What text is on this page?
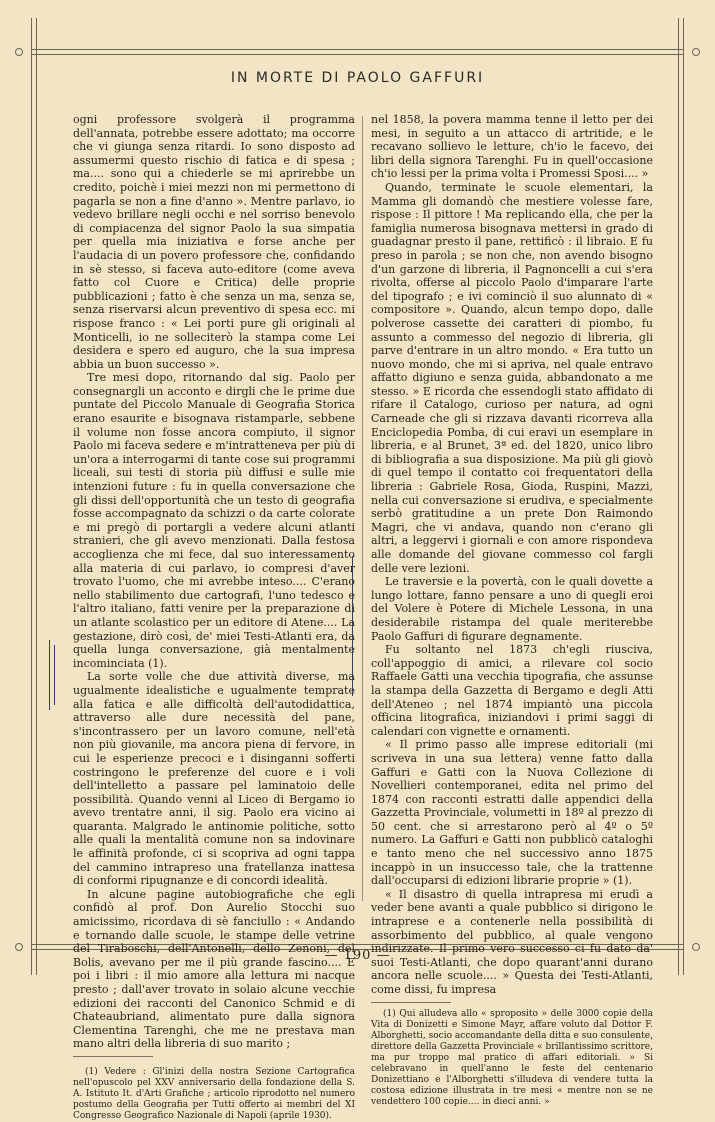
IN MORTE DI PAOLO GAFFURI

ogni professore svolgerà il programma dell'annata, potrebbe essere adottato; ma occorre che vi giunga senza ritardi. Io sono disposto ad assumermi questo rischio di fatica e di spesa ; ma.... sono qui a chiederle se mi aprirebbe un credito, poichè i miei mezzi non mi permettono di pagarla se non a fine d'anno ». Mentre parlavo, io vedevo brillare negli occhi e nel sorriso benevolo di compiacenza del signor Paolo la sua simpatia per quella mia iniziativa e forse anche per l'audacia di un povero professore che, confidando in sè stesso, si faceva auto-editore (come aveva fatto col Cuore e Critica) delle proprie pubblicazioni ; fatto è che senza un ma, senza se, senza riservarsi alcun preventivo di spesa ecc. mi rispose franco : « Lei porti pure gli originali al Monticelli, io ne solleciterò la stampa come Lei desidera e spero ed auguro, che la sua impresa abbia un buon successo ».

Tre mesi dopo, ritornando dal sig. Paolo per consegnargli un acconto e dirgli che le prime due puntate del Piccolo Manuale di Geografia Storica erano esaurite e bisognava ristamparle, sebbene il volume non fosse ancora compiuto, il signor Paolo mi faceva sedere e m'intratteneva per più di un'ora a interrogarmi di tante cose sui programmi liceali, sui testi di storia più diffusi e sulle mie intenzioni future : fu in quella conversazione che gli dissi dell'opportunità che un testo di geografia fosse accompagnato da schizzi o da carte colorate e mi pregò di portargli a vedere alcuni atlanti stranieri, che gli avevo menzionati. Dalla festosa accoglienza che mi fece, dal suo interessamento alla materia di cui parlavo, io compresi d'aver trovato l'uomo, che mi avrebbe inteso.... C'erano nello stabilimento due cartografi, l'uno tedesco e l'altro italiano, fatti venire per la preparazione di un atlante scolastico per un editore di Atene.... La gestazione, dirò così, de' miei Testi-Atlanti era, da quella lunga conversazione, già mentalmente incominciata (1).

La sorte volle che due attività diverse, ma ugualmente idealistiche e ugualmente temprate alla fatica e alle difficoltà dell'autodidattica, attraverso alle dure necessità del pane, s'incontrassero per un lavoro comune, nell'età non più giovanile, ma ancora piena di fervore, in cui le esperienze precoci e i disinganni sofferti costringono le preferenze del cuore e i voli dell'intelletto a passare pel laminatoio delle possibilità. Quando venni al Liceo di Bergamo io avevo trentatre anni, il sig. Paolo era vicino ai quaranta. Malgrado le antinomie politiche, sotto alle quali la mentalità comune non sa indovinare le affinità profonde, ci si scopriva ad ogni tappa del cammino intrapreso una fratellanza inattesa di conformi ripugnanze e di concordi idealità.

In alcune pagine autobiografiche che egli confidò al prof. Don Aurelio Stocchi suo amicissimo, ricordava di sè fanciullo : « Andando e tornando dalle scuole, le stampe delle vetrine del Tiraboschi, dell'Antonelli, dello Zenoni, del Bolis, avevano per me il più grande fascino.... E poi i libri : il mio amore alla lettura mi nacque presto ; dall'aver trovato in solaio alcune vecchie edizioni dei racconti del Canonico Schmid e di Chateaubriand, alimentato pure dalla signora Clementina Tarenghi, che me ne prestava man mano altri della libreria di suo marito ;

(1) Vedere : Gl'inizi della nostra Sezione Cartografica nell'opuscolo pel XXV anniversario della fondazione della S. A. Istituto It. d'Arti Grafiche ; articolo riprodotto nel numero postumo della Geografia per Tutti offerto ai membri del XI Congresso Geografico Nazionale di Napoli (aprile 1930).

nel 1858, la povera mamma tenne il letto per dei mesi, in seguito a un attacco di artritide, e le recavano sollievo le letture, ch'io le facevo, dei libri della signora Tarenghi. Fu in quell'occasione ch'io lessi per la prima volta i Promessi Sposi.... »

Quando, terminate le scuole elementari, la Mamma gli domandò che mestiere volesse fare, rispose : Il pittore ! Ma replicando ella, che per la famiglia numerosa bisognava mettersi in grado di guadagnar presto il pane, rettificò : il libraio. E fu preso in parola ; se non che, non avendo bisogno d'un garzone di libreria, il Pagnoncelli a cui s'era rivolta, offerse al piccolo Paolo d'imparare l'arte del tipografo ; e ivi cominciò il suo alunnato di « compositore ». Quando, alcun tempo dopo, dalle polverose cassette dei caratteri di piombo, fu assunto a commesso del negozio di libreria, gli parve d'entrare in un altro mondo. « Era tutto un nuovo mondo, che mi si apriva, nel quale entravo affatto digiuno e senza guida, abbandonato a me stesso. » E ricorda che essendogli stato affidato di rifare il Catalogo, curioso per natura, ad ogni Carneade che gli si rizzava davanti ricorreva alla Enciclopedia Pomba, di cui eravi un esemplare in libreria, e al Brunet, 3ª ed. del 1820, unico libro di bibliografia a sua disposizione. Ma più gli giovò di quel tempo il contatto coi frequentatori della libreria : Gabriele Rosa, Gioda, Ruspini, Mazzi, nella cui conversazione si erudiva, e specialmente serbò gratitudine a un prete Don Raimondo Magri, che vi andava, quando non c'erano gli altri, a leggervi i giornali e con amore rispondeva alle domande del giovane commesso col fargli delle vere lezioni.

Le traversie e la povertà, con le quali dovette a lungo lottare, fanno pensare a uno di quegli eroi del Volere è Potere di Michele Lessona, in una desiderabile ristampa del quale meriterebbe Paolo Gaffuri di figurare degnamente.

Fu soltanto nel 1873 ch'egli riusciva, coll'appoggio di amici, a rilevare col socio Raffaele Gatti una vecchia tipografia, che assunse la stampa della Gazzetta di Bergamo e degli Atti dell'Ateneo ; nel 1874 impiantò una piccola officina litografica, iniziandovi i primi saggi di calendari con vignette e ornamenti.

« Il primo passo alle imprese editoriali (mi scriveva in una sua lettera) venne fatto dalla Gaffuri e Gatti con la Nuova Collezione di Novellieri contemporanei, edita nel primo del 1874 con racconti estratti dalle appendici della Gazzetta Provinciale, volumetti in 18º al prezzo di 50 cent. che si arrestarono però al 4º o 5º numero. La Gaffuri e Gatti non pubblicò cataloghi e tanto meno che nel successivo anno 1875 incappò in un insuccesso tale, che la trattenne dall'occuparsi di edizioni librarie proprie » (1).

« Il disastro di quella intrapresa mi erudì a veder bene avanti a quale pubblico si dirigono le intraprese e a contenerle nella possibilità di assorbimento del pubblico, al quale vengono indirizzate. Il primo vero successo ci fu dato da' suoi Testi-Atlanti, che dopo quarant'anni durano ancora nelle scuole.... » Questa dei Testi-Atlanti, come dissi, fu impresa

(1) Qui alludeva allo « sproposito » delle 3000 copie della Vita di Donizetti e Simone Mayr, affare voluto dal Dottor F. Alborghetti, socio accomandante della ditta e suo consulente, direttore della Gazzetta Provinciale « brillantissimo scrittore, ma pur troppo mal pratico di affari editoriali. » Si celebravano in quell'anno le feste del centenario Donizettiano e l'Alborghetti s'illudeva di vendere tutta la costosa edizione illustrata in tre mesi « mentre non se ne vendettero 100 copie.... in dieci anni. »

— 190 —
